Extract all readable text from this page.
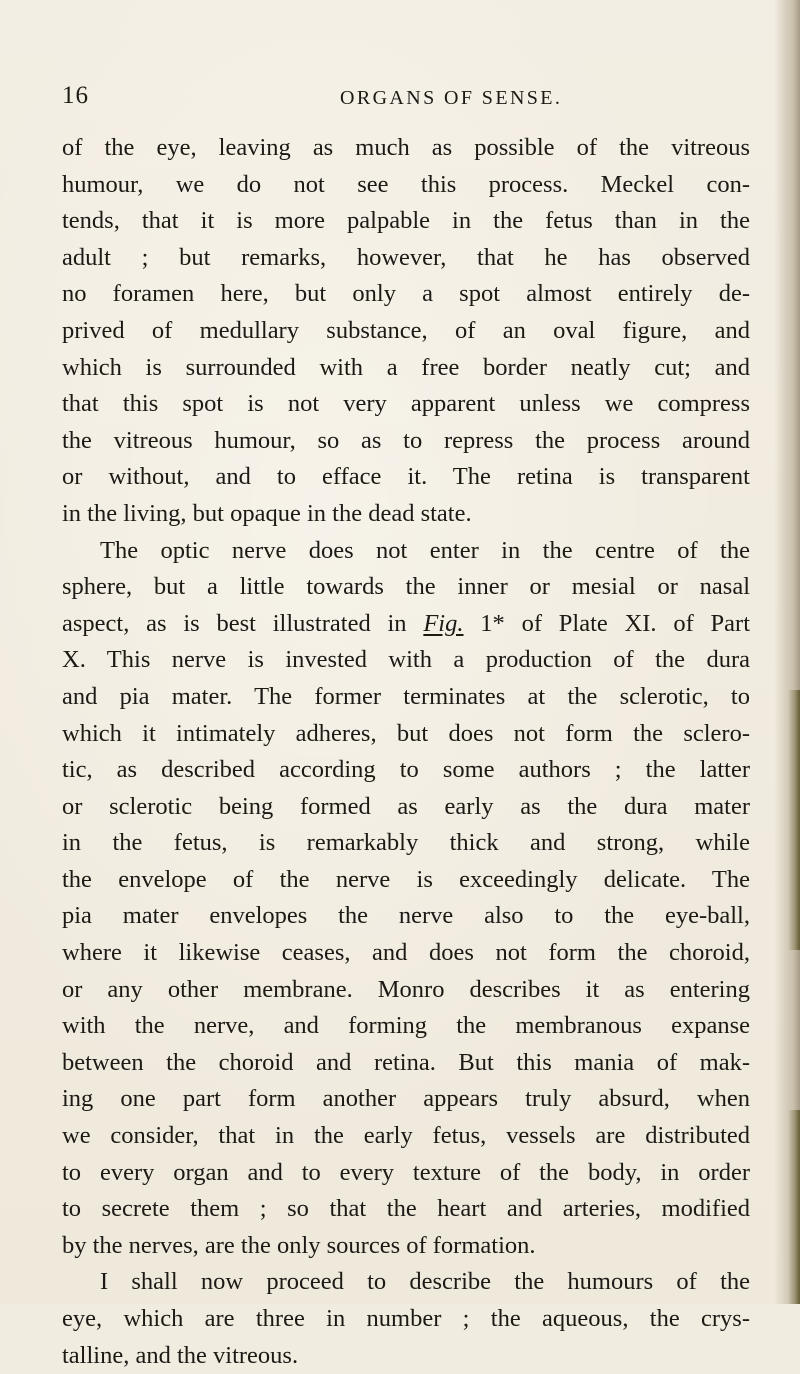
16	ORGANS OF SENSE.
of the eye, leaving as much as possible of the vitreous
humour, we do not see this process. Meckel con-
tends, that it is more palpable in the fetus than in the
adult ; but remarks, however, that he has observed
no foramen here, but only a spot almost entirely de-
prived of medullary substance, of an oval figure, and
which is surrounded with a free border neatly cut; and
that this spot is not very apparent unless we compress
the vitreous humour, so as to repress the process around
or without, and to efface it. The retina is transparent
in the living, but opaque in the dead state.
The optic nerve does not enter in the centre of the
sphere, but a little towards the inner or mesial or nasal
aspect, as is best illustrated in Fig. 1* of Plate XI. of Part
X. This nerve is invested with a production of the dura
and pia mater. The former terminates at the sclerotic, to
which it intimately adheres, but does not form the sclero-
tic, as described according to some authors ; the latter
or sclerotic being formed as early as the dura mater
in the fetus, is remarkably thick and strong, while
the envelope of the nerve is exceedingly delicate. The
pia mater envelopes the nerve also to the eye-ball,
where it likewise ceases, and does not form the choroid,
or any other membrane. Monro describes it as entering
with the nerve, and forming the membranous expanse
between the choroid and retina. But this mania of mak-
ing one part form another appears truly absurd, when
we consider, that in the early fetus, vessels are distributed
to every organ and to every texture of the body, in order
to secrete them ; so that the heart and arteries, modified
by the nerves, are the only sources of formation.
I shall now proceed to describe the humours of the
eye, which are three in number ; the aqueous, the crys-
talline, and the vitreous.
